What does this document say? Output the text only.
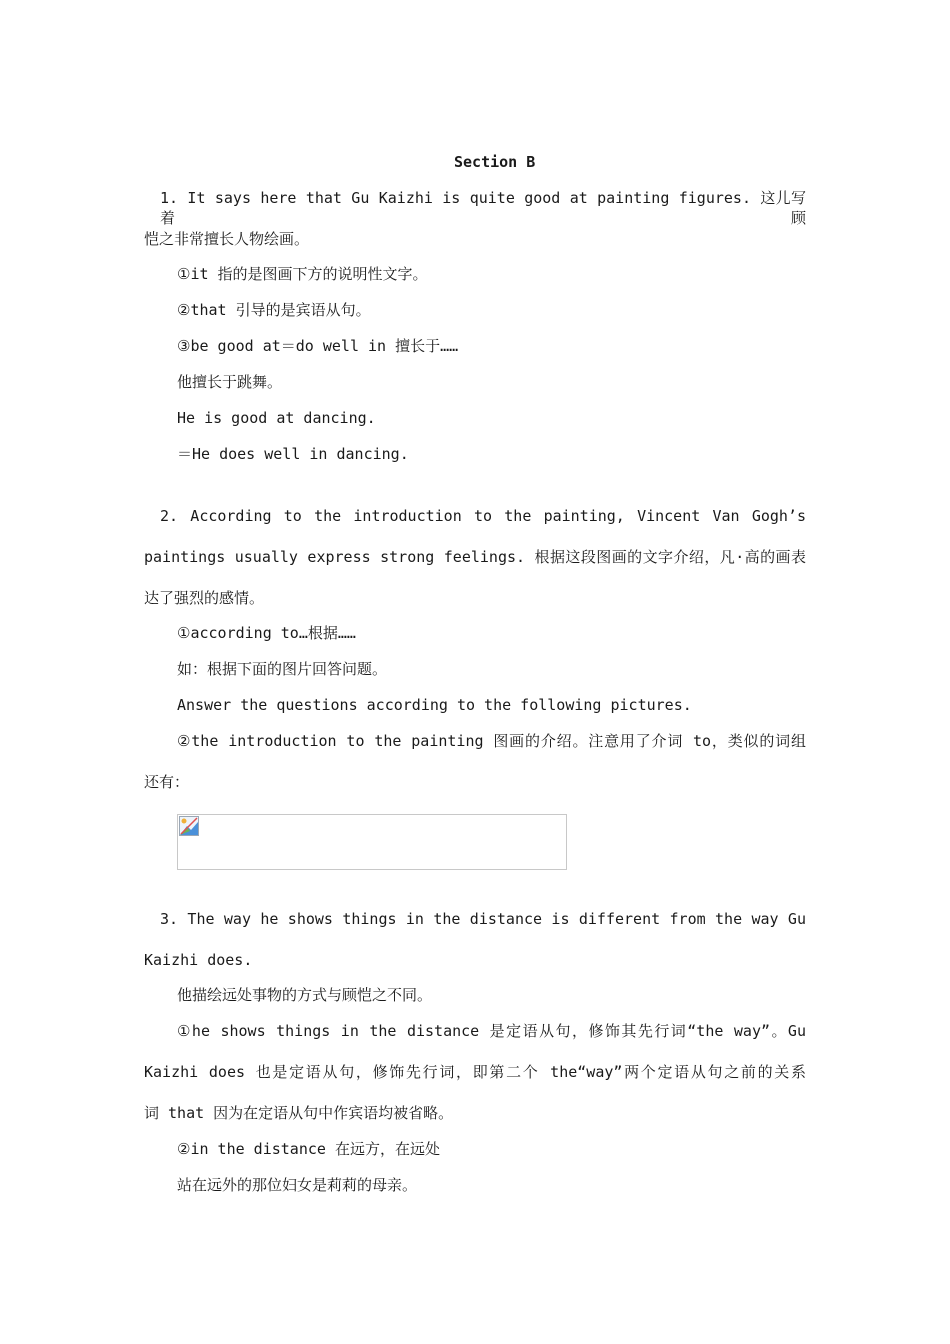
Section B
1. It says here that Gu Kaizhi is quite good at painting figures. 这儿写着顾
恺之非常擅长人物绘画。
①it 指的是图画下方的说明性文字。
②that 引导的是宾语从句。
③be good at＝do well in 擅长于……
他擅长于跳舞。
He is good at dancing.
＝He does well in dancing.
2. According to the introduction to the painting, Vincent Van Gogh’s
paintings usually express strong feelings. 根据这段图画的文字介绍，凡·高的画表
达了强烈的感情。
①according to…根据……
如：根据下面的图片回答问题。
Answer the questions according to the following pictures.
②the introduction to the painting 图画的介绍。注意用了介词 to，类似的词组
还有：
3. The way he shows things in the distance is different from the way Gu
Kaizhi does.
他描绘远处事物的方式与顾恺之不同。
①he shows things in the distance 是定语从句，修饰其先行词“the way”。Gu
Kaizhi does 也是定语从句，修饰先行词，即第二个 the“way”两个定语从句之前的关系
词 that 因为在定语从句中作宾语均被省略。
②in the distance 在远方，在远处
站在远外的那位妇女是莉莉的母亲。
